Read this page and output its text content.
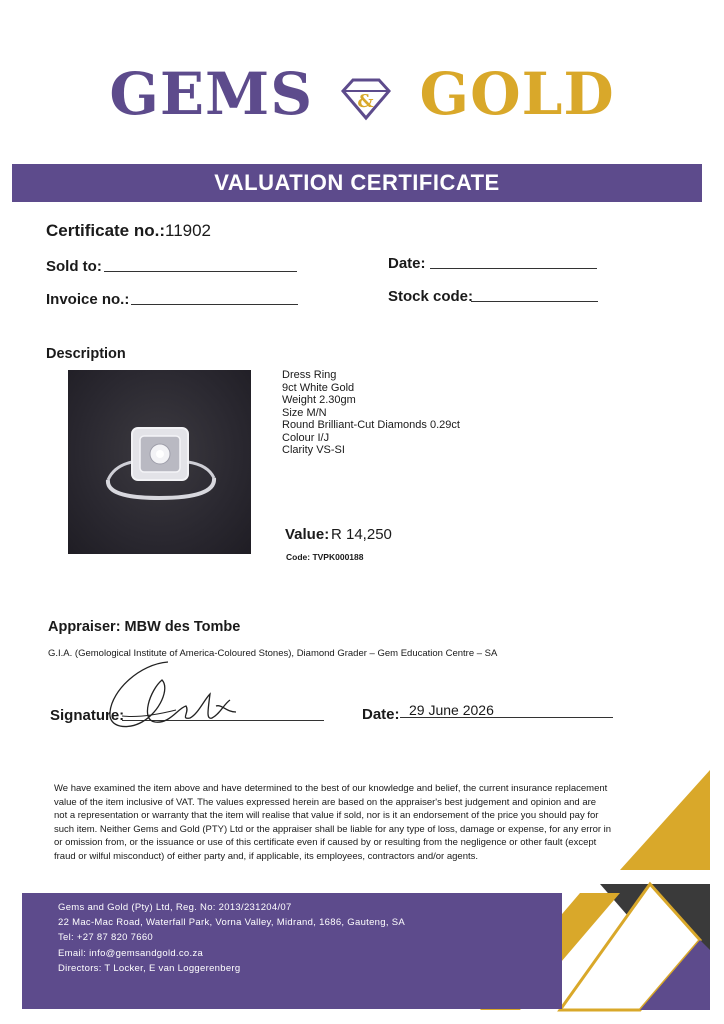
GEMS & GOLD
VALUATION CERTIFICATE
Certificate no.: 11902
Sold to:	Date:
Invoice no.:	Stock code:
Description
Dress Ring
9ct White Gold
Weight 2.30gm
Size M/N
Round Brilliant-Cut Diamonds 0.29ct
Colour I/J
Clarity VS-SI
Value: R 14,250
Code: TVPK000188
Appraiser: MBW des Tombe
G.I.A. (Gemological Institute of America-Coloured Stones), Diamond Grader – Gem Education Centre – SA
Signature:	Date: 29 June 2026
We have examined the item above and have determined to the best of our knowledge and belief, the current insurance replacement
value of the item inclusive of VAT. The values expressed herein are based on the appraiser's best judgement and opinion and are
not a representation or warranty that the item will realise that value if sold, nor is it an endorsement of the price you should pay for
such item. Neither Gems and Gold (PTY) Ltd or the appraiser shall be liable for any type of loss, damage or expense, for any error in
or omission from, or the issuance or use of this certificate even if caused by or resulting from the negligence or other fault (except
fraud or wilful misconduct) of either party and, if applicable, its employees, contractors and/or agents.
Gems and Gold (Pty) Ltd, Reg. No: 2013/231204/07
22 Mac-Mac Road, Waterfall Park, Vorna Valley, Midrand, 1686, Gauteng, SA
Tel: +27 87 820 7660
Email: info@gemsandgold.co.za
Directors: T Locker, E van Loggerenberg
